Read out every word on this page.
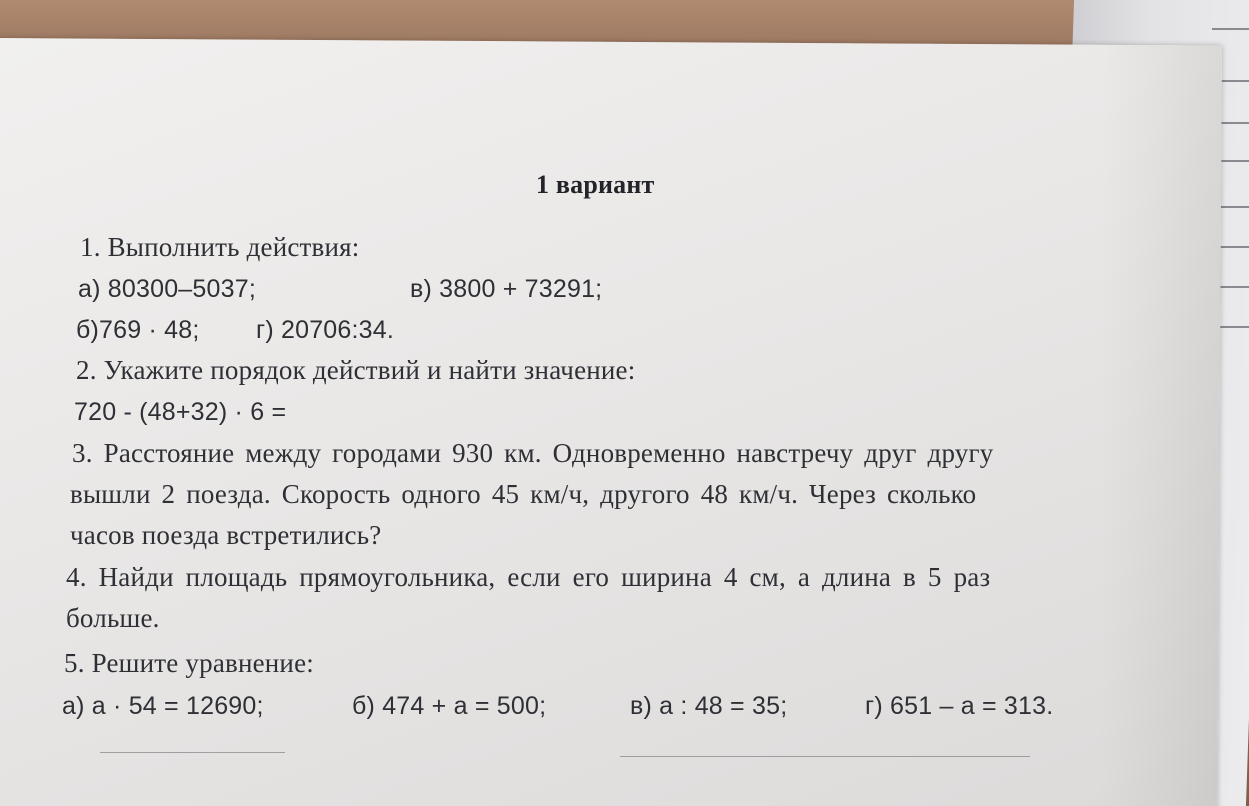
1 вариант
1. Выполнить действия:
а) 80300–5037;	в) 3800 + 73291;
б)769 · 48; г) 20706:34.
2. Укажите порядок действий и найти значение:
720 - (48+32) · 6 =
3. Расстояние между городами 930 км. Одновременно навстречу друг другу
вышли 2 поезда. Скорость одного 45 км/ч, другого 48 км/ч. Через сколько
часов поезда встретились?
4. Найди площадь прямоугольника, если его ширина 4 см, а длина в 5 раз
больше.
5. Решите уравнение:
а) а · 54 = 12690;	б) 474 + а = 500;	в) а : 48 = 35;	г) 651 – а = 313.
